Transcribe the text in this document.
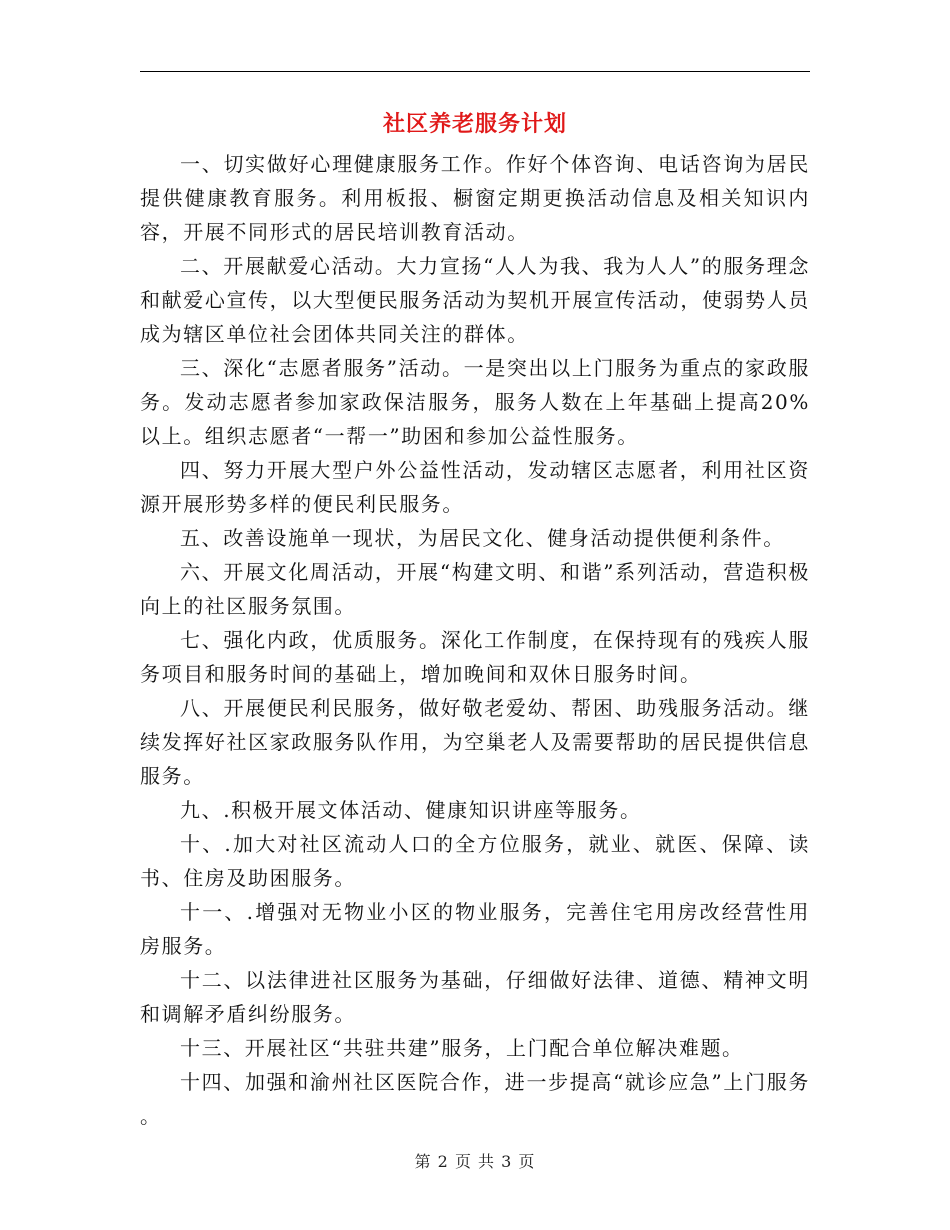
社区养老服务计划

一、切实做好心理健康服务工作。作好个体咨询、电话咨询为居民提供健康教育服务。利用板报、橱窗定期更换活动信息及相关知识内容，开展不同形式的居民培训教育活动。

二、开展献爱心活动。大力宣扬“人人为我、我为人人”的服务理念和献爱心宣传，以大型便民服务活动为契机开展宣传活动，使弱势人员成为辖区单位社会团体共同关注的群体。

三、深化“志愿者服务”活动。一是突出以上门服务为重点的家政服务。发动志愿者参加家政保洁服务，服务人数在上年基础上提高20%以上。组织志愿者“一帮一”助困和参加公益性服务。

四、努力开展大型户外公益性活动，发动辖区志愿者，利用社区资源开展形势多样的便民利民服务。

五、改善设施单一现状，为居民文化、健身活动提供便利条件。

六、开展文化周活动，开展“构建文明、和谐”系列活动，营造积极向上的社区服务氛围。

七、强化内政，优质服务。深化工作制度，在保持现有的残疾人服务项目和服务时间的基础上，增加晚间和双休日服务时间。

八、开展便民利民服务，做好敬老爱幼、帮困、助残服务活动。继续发挥好社区家政服务队作用，为空巢老人及需要帮助的居民提供信息服务。

九、.积极开展文体活动、健康知识讲座等服务。

十、.加大对社区流动人口的全方位服务，就业、就医、保障、读书、住房及助困服务。

十一、.增强对无物业小区的物业服务，完善住宅用房改经营性用房服务。

十二、以法律进社区服务为基础，仔细做好法律、道德、精神文明和调解矛盾纠纷服务。

十三、开展社区“共驻共建”服务，上门配合单位解决难题。

十四、加强和渝州社区医院合作，进一步提高“就诊应急”上门服务 。

第 2 页 共 3 页
